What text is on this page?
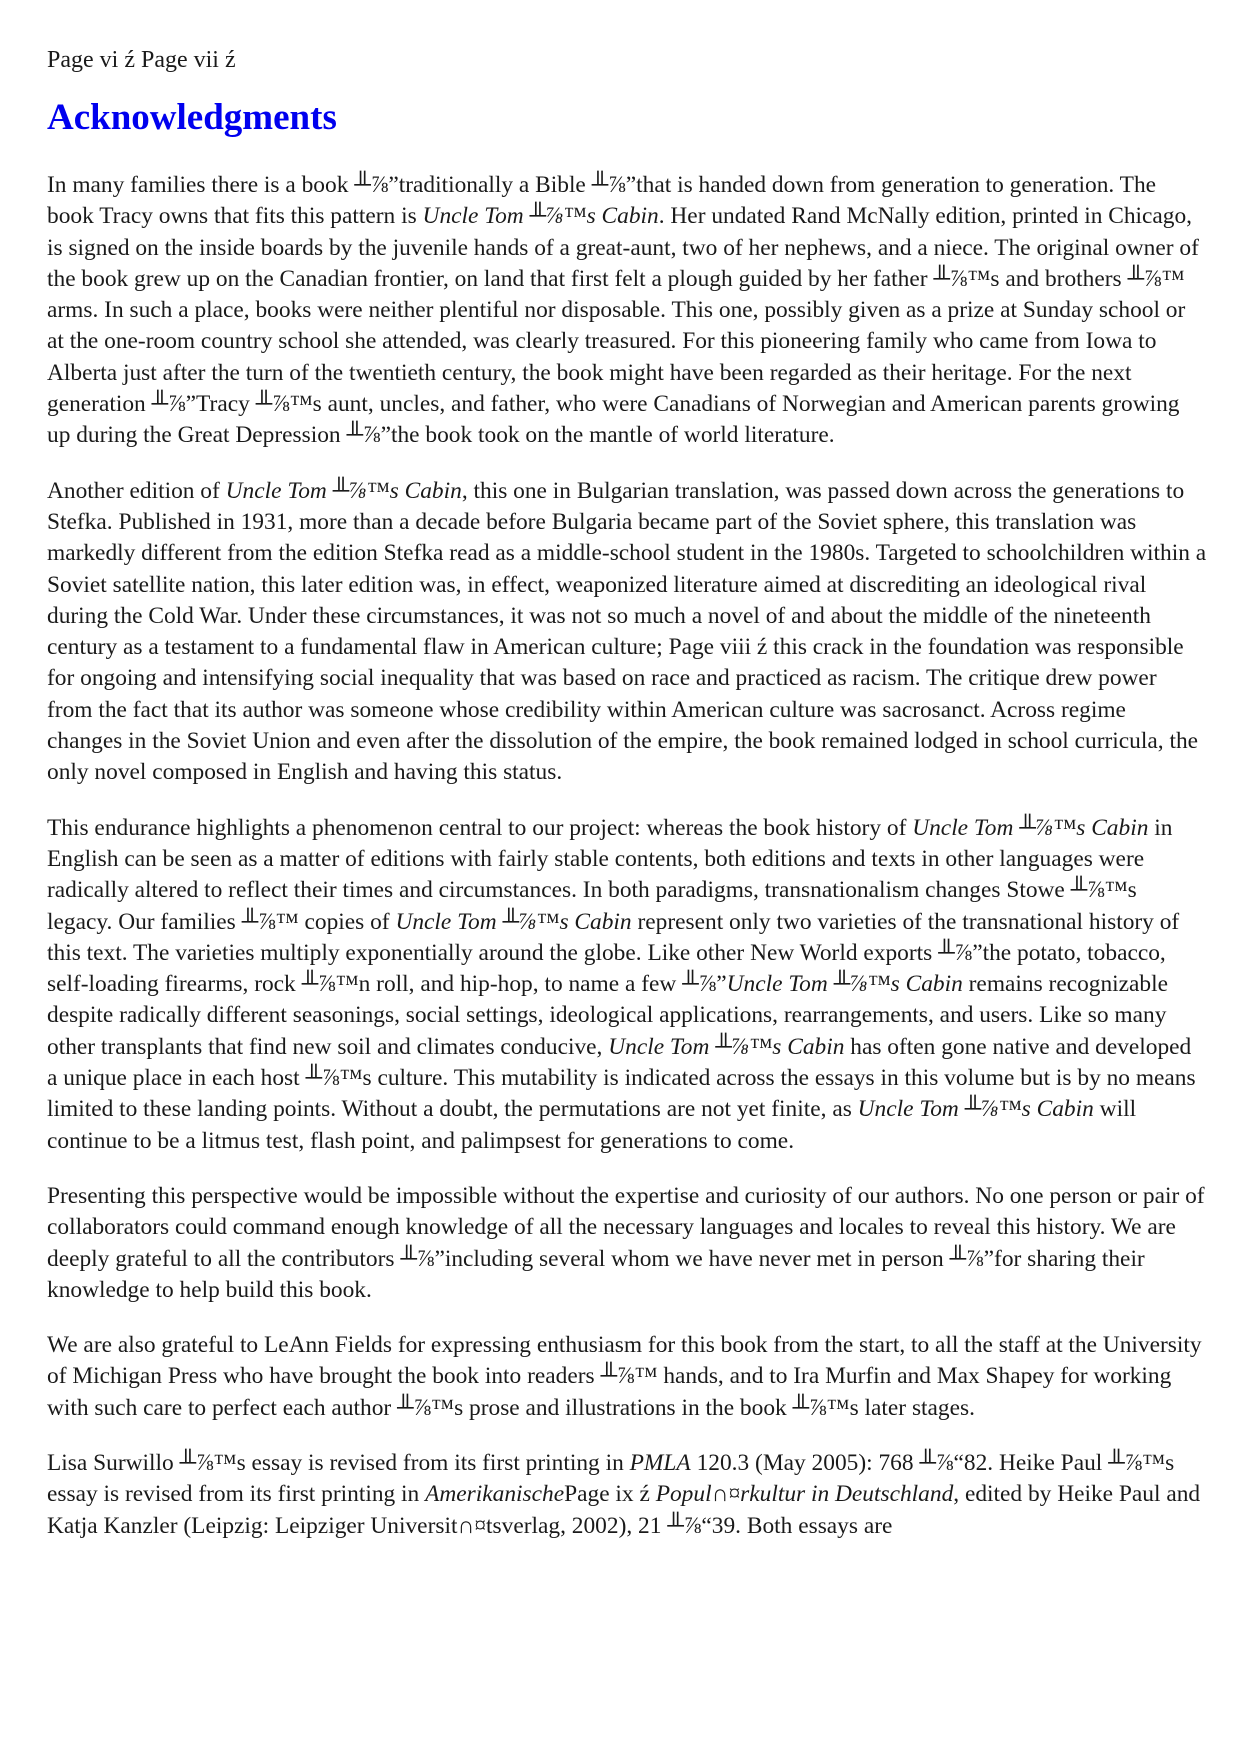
Page vi ź Page vii ź
Acknowledgments

In many families there is a book ╨⅞”traditionally a Bible ╨⅞”that is handed down from generation to generation. The book Tracy owns that fits this pattern is Uncle Tom ╨⅞™s Cabin. Her undated Rand McNally edition, printed in Chicago, is signed on the inside boards by the juvenile hands of a great-aunt, two of her nephews, and a niece. The original owner of the book grew up on the Canadian frontier, on land that first felt a plough guided by her father ╨⅞™s and brothers ╨⅞™ arms. In such a place, books were neither plentiful nor disposable. This one, possibly given as a prize at Sunday school or at the one-room country school she attended, was clearly treasured. For this pioneering family who came from Iowa to Alberta just after the turn of the twentieth century, the book might have been regarded as their heritage. For the next generation ╨⅞”Tracy ╨⅞™s aunt, uncles, and father, who were Canadians of Norwegian and American parents growing up during the Great Depression ╨⅞”the book took on the mantle of world literature.

Another edition of Uncle Tom ╨⅞™s Cabin, this one in Bulgarian translation, was passed down across the generations to Stefka. Published in 1931, more than a decade before Bulgaria became part of the Soviet sphere, this translation was markedly different from the edition Stefka read as a middle-school student in the 1980s. Targeted to schoolchildren within a Soviet satellite nation, this later edition was, in effect, weaponized literature aimed at discrediting an ideological rival during the Cold War. Under these circumstances, it was not so much a novel of and about the middle of the nineteenth century as a testament to a fundamental flaw in American culture; Page viii ź this crack in the foundation was responsible for ongoing and intensifying social inequality that was based on race and practiced as racism. The critique drew power from the fact that its author was someone whose credibility within American culture was sacrosanct. Across regime changes in the Soviet Union and even after the dissolution of the empire, the book remained lodged in school curricula, the only novel composed in English and having this status.

This endurance highlights a phenomenon central to our project: whereas the book history of Uncle Tom ╨⅞™s Cabin in English can be seen as a matter of editions with fairly stable contents, both editions and texts in other languages were radically altered to reflect their times and circumstances. In both paradigms, transnationalism changes Stowe ╨⅞™s legacy. Our families ╨⅞™ copies of Uncle Tom ╨⅞™s Cabin represent only two varieties of the transnational history of this text. The varieties multiply exponentially around the globe. Like other New World exports ╨⅞”the potato, tobacco, self-loading firearms, rock ╨⅞™n roll, and hip-hop, to name a few ╨⅞”Uncle Tom ╨⅞™s Cabin remains recognizable despite radically different seasonings, social settings, ideological applications, rearrangements, and users. Like so many other transplants that find new soil and climates conducive, Uncle Tom ╨⅞™s Cabin has often gone native and developed a unique place in each host ╨⅞™s culture. This mutability is indicated across the essays in this volume but is by no means limited to these landing points. Without a doubt, the permutations are not yet finite, as Uncle Tom ╨⅞™s Cabin will continue to be a litmus test, flash point, and palimpsest for generations to come.

Presenting this perspective would be impossible without the expertise and curiosity of our authors. No one person or pair of collaborators could command enough knowledge of all the necessary languages and locales to reveal this history. We are deeply grateful to all the contributors ╨⅞”including several whom we have never met in person ╨⅞”for sharing their knowledge to help build this book.

We are also grateful to LeAnn Fields for expressing enthusiasm for this book from the start, to all the staff at the University of Michigan Press who have brought the book into readers ╨⅞™ hands, and to Ira Murfin and Max Shapey for working with such care to perfect each author ╨⅞™s prose and illustrations in the book ╨⅞™s later stages.

Lisa Surwillo ╨⅞™s essay is revised from its first printing in PMLA 120.3 (May 2005): 768 ╨⅞“82. Heike Paul ╨⅞™s essay is revised from its first printing in AmerikanischePage ix ź Popul∩¤rkultur in Deutschland, edited by Heike Paul and Katja Kanzler (Leipzig: Leipziger Universit∩¤tsverlag, 2002), 21 ╨⅞“39. Both essays are
